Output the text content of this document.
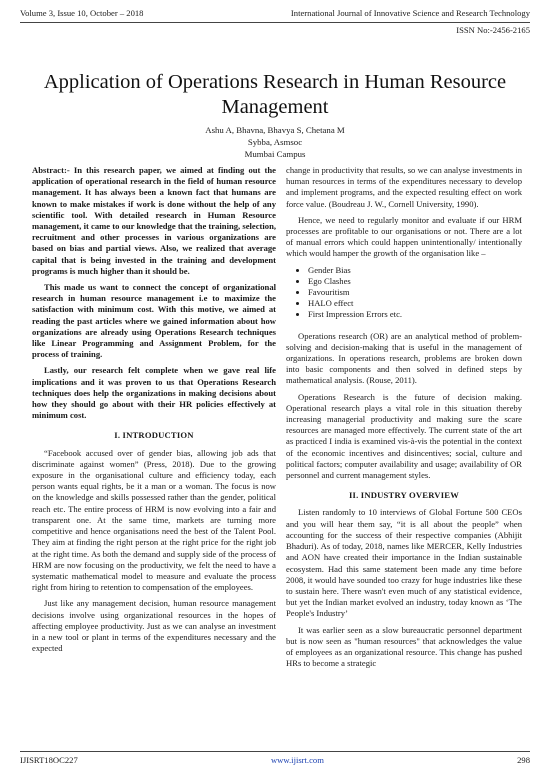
Volume 3, Issue 10, October – 2018	International Journal of Innovative Science and Research Technology
ISSN No:-2456-2165
Application of Operations Research in Human Resource Management
Ashu A, Bhavna, Bhavya S, Chetana M
Sybba, Asmsoc
Mumbai Campus

Abstract:- In this research paper, we aimed at finding out the application of operational research in the field of human resource management. It has always been a known fact that humans are known to make mistakes if work is done without the help of any scientific tool. With detailed research in Human Resource management, it came to our knowledge that the training, selection, recruitment and other processes in various organizations are based on bias and partial views. Also, we realized that average capital that is being invested in the training and development programs is much higher than it should be.

This made us want to connect the concept of organizational research in human resource management i.e to maximize the satisfaction with minimum cost. With this motive, we aimed at reading the past articles where we gained information about how organizations are already using Operations Research techniques like Linear Programming and Assignment Problem, for the process of training.

Lastly, our research felt complete when we gave real life implications and it was proven to us that Operations Research techniques does help the organizations in making decisions about how they should go about with their HR policies effectively at minimum cost.

I. INTRODUCTION

“Facebook accused over of gender bias, allowing job ads that discriminate against women” (Press, 2018). Due to the growing exposure in the organisational culture and efficiency today, each person wants equal rights, be it a man or a woman. The focus is now on the knowledge and skills possessed rather than the gender, political reach etc. The entire process of HRM is now evolving into a fair and transparent one. At the same time, markets are turning more competitive and hence organisations need the best of the Talent Pool. They aim at finding the right person at the right price for the right job at the right time. As both the demand and supply side of the process of HRM are now focusing on the productivity, we felt the need to have a systematic mathematical model to measure and evaluate the process right from hiring to retention to compensation of the employees.

Just like any management decision, human resource management decisions involve using organizational resources in the hopes of affecting employee productivity. Just as we can analyse an investment in a new tool or plant in terms of the expenditures necessary and the expected

change in productivity that results, so we can analyse investments in human resources in terms of the expenditures necessary to develop and implement programs, and the expected resulting effect on work force value. (Boudreau J. W., Cornell University, 1990).

Hence, we need to regularly monitor and evaluate if our HRM processes are profitable to our organisations or not. There are a lot of manual errors which could happen unintentionally/ intentionally which would hamper the growth of the organisation like –

• Gender Bias
• Ego Clashes
• Favouritism
• HALO effect
• First Impression Errors etc.

Operations research (OR) are an analytical method of problem-solving and decision-making that is useful in the management of organizations. In operations research, problems are broken down into basic components and then solved in defined steps by mathematical analysis. (Rouse, 2011).

Operations Research is the future of decision making. Operational research plays a vital role in this situation thereby increasing managerial productivity and making sure the scare resources are managed more effectively. The current state of the art as practiced I india is examined vis-à-vis the potential in the context of the economic incentives and disincentives; social, culture and political factors; computer availability and usage; availability of OR personnel and current management styles.

II. INDUSTRY OVERVIEW

Listen randomly to 10 interviews of Global Fortune 500 CEOs and you will hear them say, “it is all about the people” when accounting for the success of their respective companies (Abhijit Bhaduri). As of today, 2018, names like MERCER, Kelly Industries and AON have created their importance in the Indian sustainable ecosystem. Had this same statement been made any time before 2008, it would have sounded too crazy for huge industries like these to sustain here. There wasn't even much of any statistical evidence, but yet the Indian market evolved an industry, today known as ‘The People's Industry’

It was earlier seen as a slow bureaucratic personnel department but is now seen as "human resources" that acknowledges the value of employees as an organizational resource. This change has pushed HRs to become a strategic

IJISRT18OC227	www.ijisrt.com	298
